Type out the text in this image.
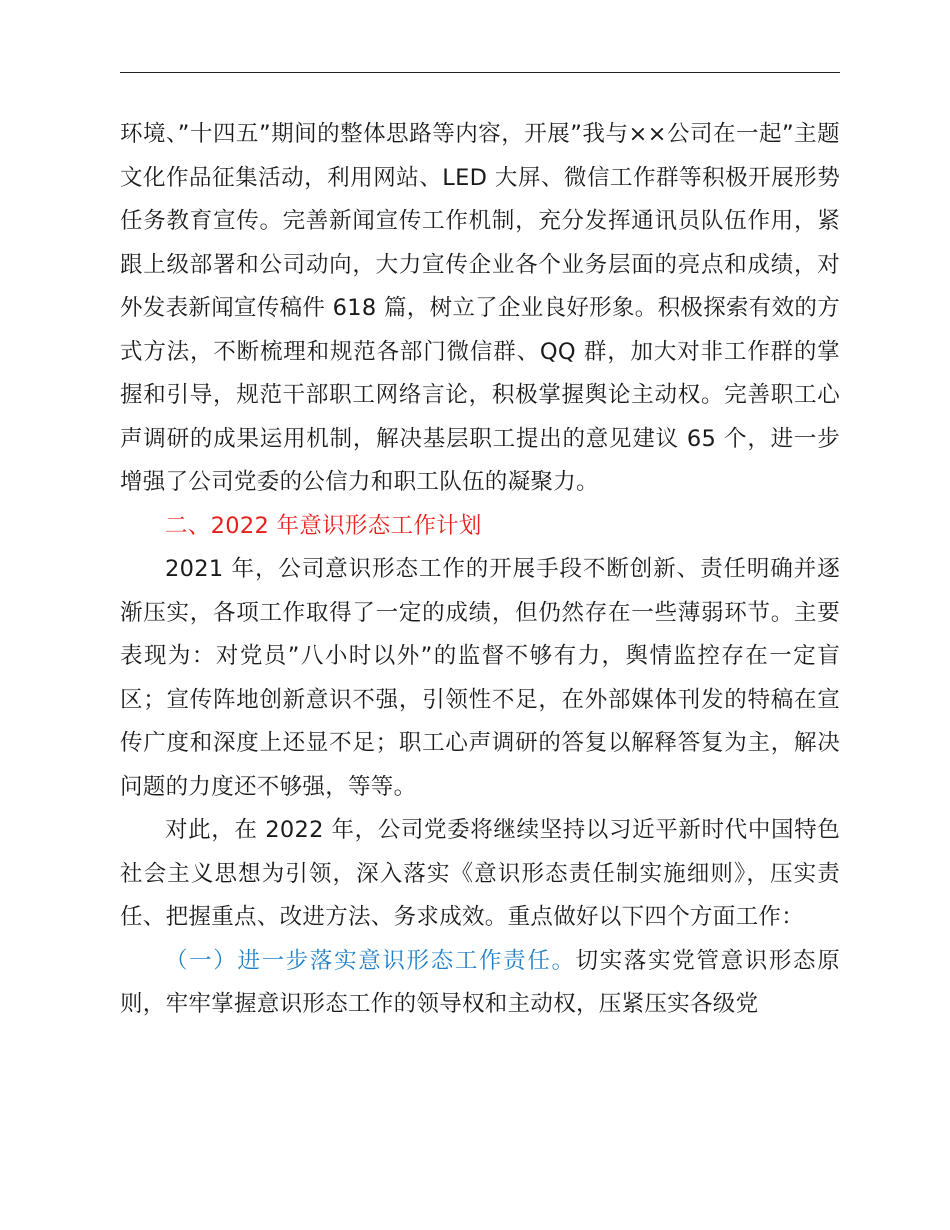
环境、”十四五”期间的整体思路等内容，开展”我与××公司在一起”主题文化作品征集活动，利用网站、LED 大屏、微信工作群等积极开展形势任务教育宣传。完善新闻宣传工作机制，充分发挥通讯员队伍作用，紧跟上级部署和公司动向，大力宣传企业各个业务层面的亮点和成绩，对外发表新闻宣传稿件 618 篇，树立了企业良好形象。积极探索有效的方式方法，不断梳理和规范各部门微信群、QQ 群，加大对非工作群的掌握和引导，规范干部职工网络言论，积极掌握舆论主动权。完善职工心声调研的成果运用机制，解决基层职工提出的意见建议 65 个，进一步增强了公司党委的公信力和职工队伍的凝聚力。

二、2022 年意识形态工作计划

2021 年，公司意识形态工作的开展手段不断创新、责任明确并逐渐压实，各项工作取得了一定的成绩，但仍然存在一些薄弱环节。主要表现为：对党员”八小时以外”的监督不够有力，舆情监控存在一定盲区；宣传阵地创新意识不强，引领性不足，在外部媒体刊发的特稿在宣传广度和深度上还显不足；职工心声调研的答复以解释答复为主，解决问题的力度还不够强，等等。

对此，在 2022 年，公司党委将继续坚持以习近平新时代中国特色社会主义思想为引领，深入落实《意识形态责任制实施细则》，压实责任、把握重点、改进方法、务求成效。重点做好以下四个方面工作：

（一）进一步落实意识形态工作责任。切实落实党管意识形态原则，牢牢掌握意识形态工作的领导权和主动权，压紧压实各级党
